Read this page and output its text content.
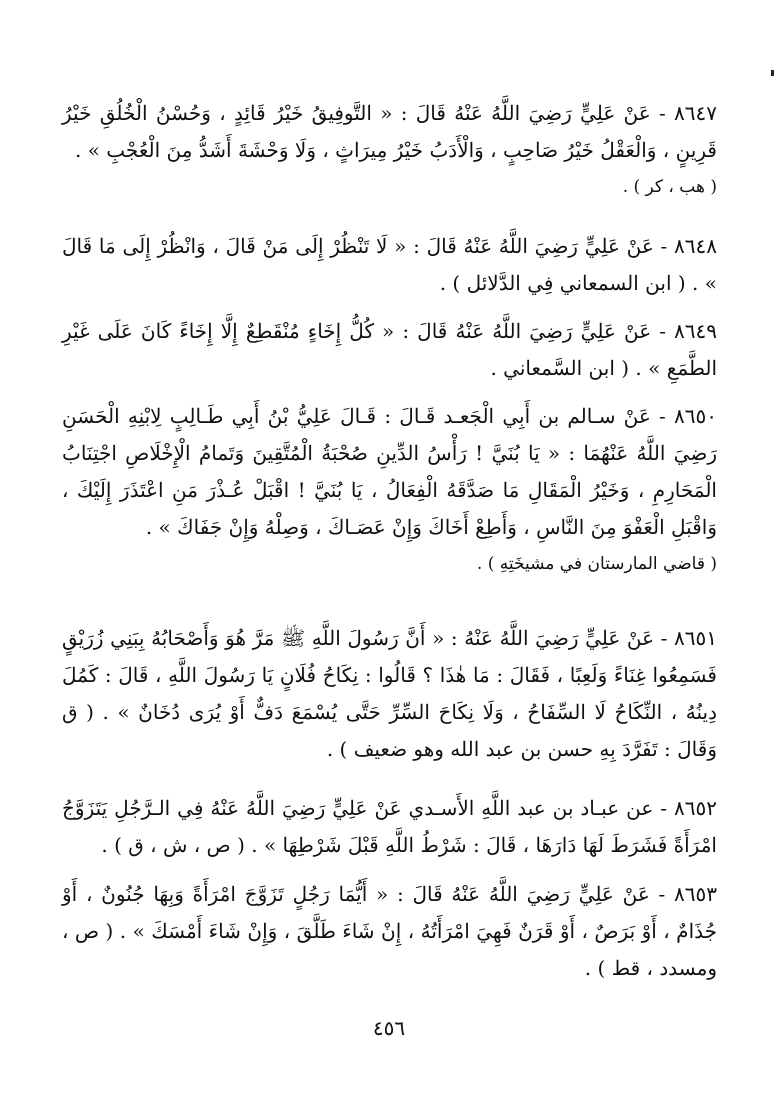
٨٦٤٧ - عَنْ عَلِيٍّ رَضِيَ اللَّهُ عَنْهُ قَالَ : « التَّوفِيقُ خَيْرُ قَائِدٍ ، وَحُسْنُ الْخُلُقِ خَيْرُ قَرِينٍ ، وَالْعَقْلُ خَيْرُ صَاحِبٍ ، وَالْأَدَبُ خَيْرُ مِيرَاثٍ ، وَلَا وَحْشَةَ أَشَدُّ مِنَ الْعُجْبِ » .

( هب ، كر ) .

٨٦٤٨ - عَنْ عَلِيٍّ رَضِيَ اللَّهُ عَنْهُ قَالَ : « لَا تَنْظُرْ إِلَى مَنْ قَالَ ، وَانْظُرْ إِلَى مَا قَالَ » . ( ابن السمعاني فِي الدَّلائل ) .

٨٦٤٩ - عَنْ عَلِيٍّ رَضِيَ اللَّهُ عَنْهُ قَالَ : « كُلُّ إِخَاءٍ مُنْقَطِعٌ إِلَّا إِخَاءً كَانَ عَلَى غَيْرِ الطَّمَعِ » . ( ابن السَّمعاني .

٨٦٥٠ - عَنْ سـالم بن أَبِي الْجَعـد قَـالَ : قَـالَ عَلِيُّ بْنُ أَبِي طَـالِبٍ لِابْنِهِ الْحَسَنِ رَضِيَ اللَّهُ عَنْهُمَا : « يَا بُنَيَّ ! رَأْسُ الدِّينِ صُحْبَةُ الْمُتَّقِينَ وَتَمامُ الْإِخْلَاصِ اجْتِنَابُ الْمَحَارِمِ ، وَخَيْرُ الْمَقَالِ مَا صَدَّقَهُ الْفِعَالُ ، يَا بُنَيَّ ! اقْبَلْ عُـذْرَ مَنِ اعْتَذَرَ إِلَيْكَ ، وَاقْبَلِ الْعَفْوَ مِنَ النَّاسِ ، وَأَطِعْ أَخَاكَ وَإِنْ عَصَـاكَ ، وَصِلْهُ وَإِنْ جَفَاكَ » .

( قاضي المارستان في مشيخَتِهِ ) .

٨٦٥١ - عَنْ عَلِيٍّ رَضِيَ اللَّهُ عَنْهُ : « أَنَّ رَسُولَ اللَّهِ ﷺ مَرَّ هُوَ وَأَصْحَابُهُ بِبَنِي زُرَيْقٍ فَسَمِعُوا غِنَاءً وَلَعِبًا ، فَقَالَ : مَا هٰذَا ؟ قَالُوا : نِكَاحُ فُلَانٍ يَا رَسُولَ اللَّهِ ، قَالَ : كَمُلَ دِينُهُ ، النِّكَاحُ لَا السِّفَاحُ ، وَلَا نِكَاحَ السِّرِّ حَتَّى يُسْمَعَ دَفٌّ أَوْ يُرَى دُخَانٌ » . ( ق وَقَالَ : تَفَرَّدَ بِهِ حسن بن عبد الله وهو ضعيف ) .

٨٦٥٢ - عن عبـاد بن عبد اللَّهِ الأَسـدي عَنْ عَلِيٍّ رَضِيَ اللَّهُ عَنْهُ فِي الـرَّجُلِ يَتَزَوَّجُ امْرَأَةً فَشَرَطَ لَهَا دَارَهَا ، قَالَ : شَرْطُ اللَّهِ قَبْلَ شَرْطِهَا » . ( ص ، ش ، ق ) .

٨٦٥٣ - عَنْ عَلِيٍّ رَضِيَ اللَّهُ عَنْهُ قَالَ : « أَيُّمَا رَجُلٍ تَزَوَّجَ امْرَأَةً وَبِهَا جُنُونٌ ، أَوْ جُذَامٌ ، أَوْ بَرَصٌ ، أَوْ قَرَنٌ فَهِيَ امْرَأَتُهُ ، إِنْ شَاءَ طَلَّقَ ، وَإِنْ شَاءَ أَمْسَكَ » . ( ص ، ومسدد ، قط ) .

٤٥٦
